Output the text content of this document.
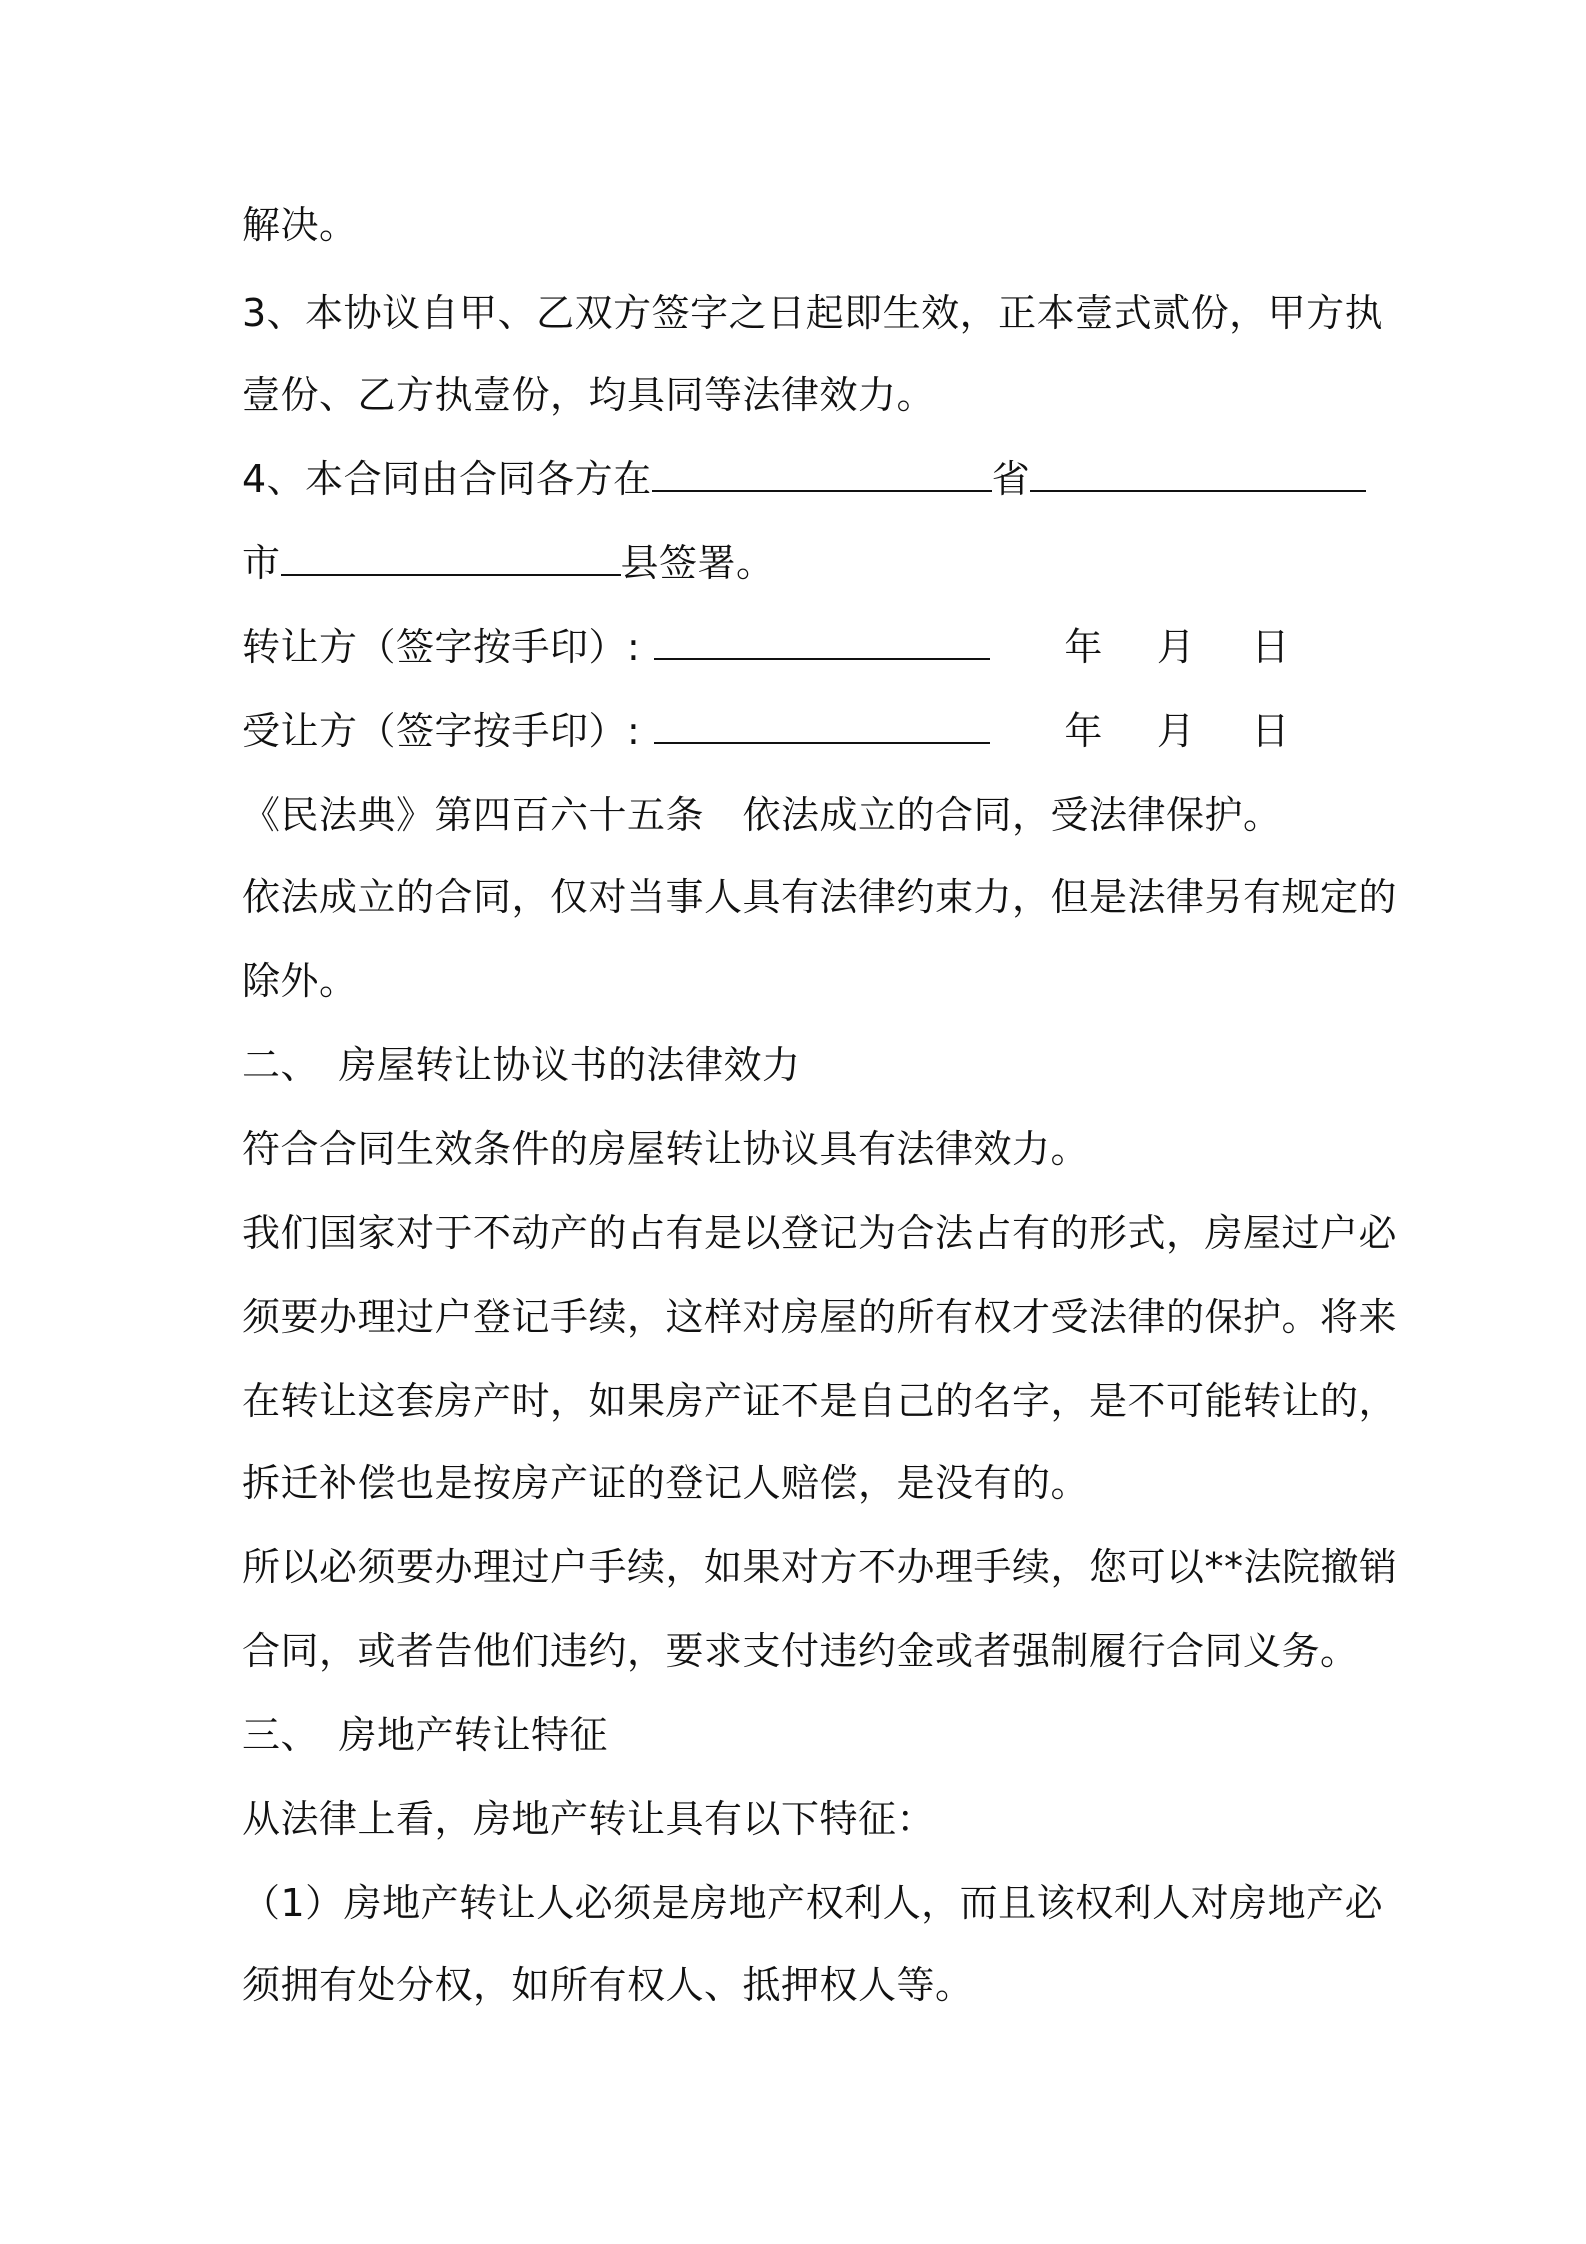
解决。
3、本协议自甲、乙双方签字之日起即生效，正本壹式贰份，甲方执
壹份、乙方执壹份，均具同等法律效力。
4、本合同由合同各方在	省
市	县签署。
转让方（签字按手印）:	年 月 日
受让方（签字按手印）:	年 月 日
《民法典》第四百六十五条　依法成立的合同，受法律保护。
依法成立的合同，仅对当事人具有法律约束力，但是法律另有规定的
除外。
二、　房屋转让协议书的法律效力
符合合同生效条件的房屋转让协议具有法律效力。
我们国家对于不动产的占有是以登记为合法占有的形式，房屋过户必
须要办理过户登记手续，这样对房屋的所有权才受法律的保护。将来
在转让这套房产时，如果房产证不是自己的名字，是不可能转让的，
拆迁补偿也是按房产证的登记人赔偿，是没有的。
所以必须要办理过户手续，如果对方不办理手续，您可以**法院撤销
合同，或者告他们违约，要求支付违约金或者强制履行合同义务。
三、　房地产转让特征
从法律上看，房地产转让具有以下特征：
（1）房地产转让人必须是房地产权利人，而且该权利人对房地产必
须拥有处分权，如所有权人、抵押权人等。
